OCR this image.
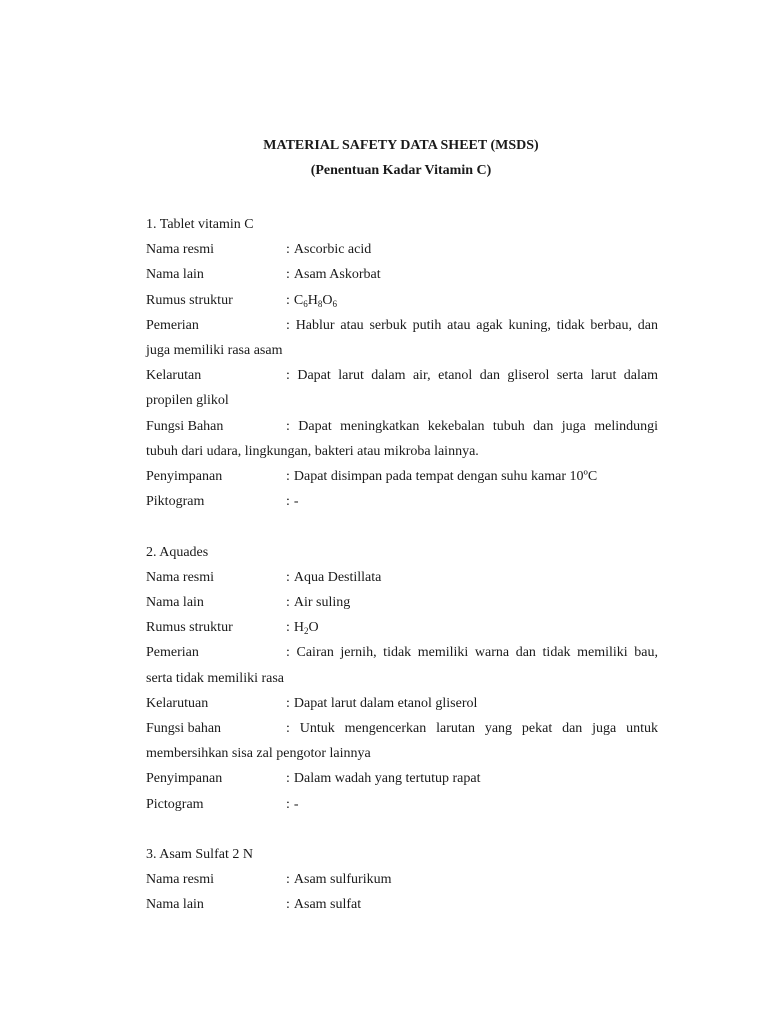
MATERIAL SAFETY DATA SHEET (MSDS)
(Penentuan Kadar Vitamin C)
1. Tablet vitamin C
Nama resmi	: Ascorbic acid
Nama lain	: Asam Askorbat
Rumus struktur	: $C_6H_8O_6$
Pemerian	: Hablur atau serbuk putih atau agak kuning, tidak berbau, dan juga memiliki rasa asam
Kelarutan	: Dapat larut dalam air, etanol dan gliserol serta larut dalam propilen glikol
Fungsi Bahan	: Dapat meningkatkan kekebalan tubuh dan juga melindungi tubuh dari udara, lingkungan, bakteri atau mikroba lainnya.
Penyimpanan	: Dapat disimpan pada tempat dengan suhu kamar 10ºC
Piktogram	: -
2. Aquades
Nama resmi	: Aqua Destillata
Nama lain	: Air suling
Rumus struktur	: $H_2O$
Pemerian	: Cairan jernih, tidak memiliki warna dan tidak memiliki bau, serta tidak memiliki rasa
Kelarutuan	: Dapat larut dalam etanol gliserol
Fungsi bahan	: Untuk mengencerkan larutan yang pekat dan juga untuk membersihkan sisa zal pengotor lainnya
Penyimpanan	: Dalam wadah yang tertutup rapat
Pictogram	: -
3. Asam Sulfat 2 N
Nama resmi	: Asam sulfurikum
Nama lain	: Asam sulfat
